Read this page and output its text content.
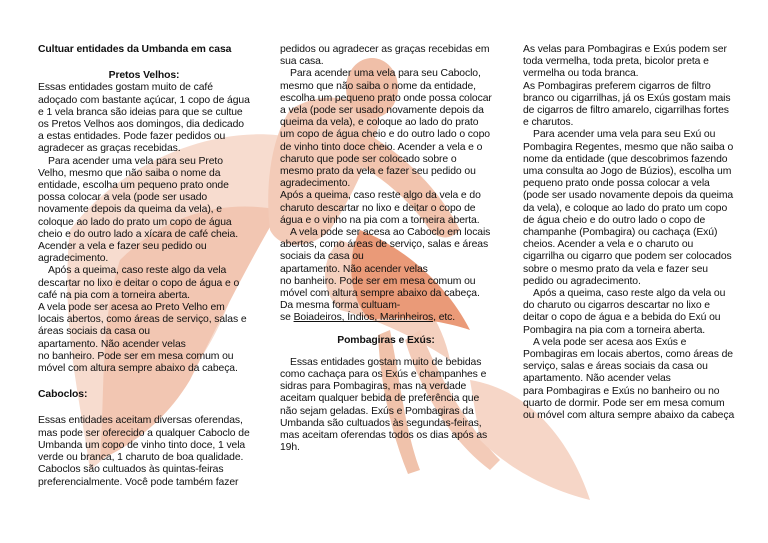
Cultuar entidades da Umbanda em casa

Pretos Velhos:

Essas entidades gostam muito de café adoçado com bastante açúcar, 1 copo de água e 1 vela branca são ideias para que se cultue os Pretos Velhos aos domingos, dia dedicado a estas entidades. Pode fazer pedidos ou agradecer as graças recebidas.

Para acender uma vela para seu Preto Velho, mesmo que não saiba o nome da entidade, escolha um pequeno prato onde possa colocar a vela (pode ser usado novamente depois da queima da vela), e coloque ao lado do prato um copo de água cheio e do outro lado a xícara de café cheia. Acender a vela e fazer seu pedido ou agradecimento.

Após a queima, caso reste algo da vela descartar no lixo e deitar o copo de água e o café na pia com a torneira aberta.

A vela pode ser acesa ao Preto Velho em locais abertos, como áreas de serviço, salas e áreas sociais da casa ou

apartamento. Não acender velas

no banheiro. Pode ser em mesa comum ou móvel com altura sempre abaixo da cabeça.

Caboclos:

Essas entidades aceitam diversas oferendas, mas pode ser oferecido a qualquer Caboclo de Umbanda um copo de vinho tinto doce, 1 vela verde ou branca, 1 charuto de boa qualidade. Caboclos são cultuados às quintas-feiras preferencialmente. Você pode também fazer

pedidos ou agradecer as graças recebidas em sua casa.

Para acender uma vela para seu Caboclo, mesmo que não saiba o nome da entidade, escolha um pequeno prato onde possa colocar a vela (pode ser usado novamente depois da queima da vela), e coloque ao lado do prato um copo de água cheio e do outro lado o copo de vinho tinto doce cheio. Acender a vela e o charuto que pode ser colocado sobre o mesmo prato da vela e fazer seu pedido ou agradecimento.

Após a queima, caso reste algo da vela e do charuto descartar no lixo e deitar o copo de água e o vinho na pia com a torneira aberta.

A vela pode ser acesa ao Caboclo em locais abertos, como áreas de serviço, salas e áreas sociais da casa ou

apartamento. Não acender velas

no banheiro. Pode ser em mesa comum ou móvel com altura sempre abaixo da cabeça.

Da mesma forma cultuam-

se Boiadeiros, Índios, Marinheiros, etc.

Pombagiras e Exús:

Essas entidades gostam muito de bebidas como cachaça para os Exús e champanhes e sidras para Pombagiras, mas na verdade aceitam qualquer bebida de preferência que não sejam geladas. Exús e Pombagiras da Umbanda são cultuados às segundas-feiras, mas aceitam oferendas todos os dias após as 19h.

As velas para Pombagiras e Exús podem ser toda vermelha, toda preta, bicolor preta e vermelha ou toda branca.

As Pombagiras preferem cigarros de filtro branco ou cigarrilhas, já os Exús gostam mais de cigarros de filtro amarelo, cigarrilhas fortes e charutos.

Para acender uma vela para seu Exú ou Pombagira Regentes, mesmo que não saiba o nome da entidade (que descobrimos fazendo uma consulta ao Jogo de Búzios), escolha um pequeno prato onde possa colocar a vela (pode ser usado novamente depois da queima da vela), e coloque ao lado do prato um copo de água cheio e do outro lado o copo de champanhe (Pombagira) ou cachaça (Exú) cheios. Acender a vela e o charuto ou cigarrilha ou cigarro que podem ser colocados sobre o mesmo prato da vela e fazer seu pedido ou agradecimento.

Após a queima, caso reste algo da vela ou do charuto ou cigarros descartar no lixo e deitar o copo de água e a bebida do Exú ou Pombagira na pia com a torneira aberta.

A vela pode ser acesa aos Exús e Pombagiras em locais abertos, como áreas de serviço, salas e áreas sociais da casa ou

apartamento. Não acender velas

para Pombagiras e Exús no banheiro ou no quarto de dormir. Pode ser em mesa comum ou móvel com altura sempre abaixo da cabeça
